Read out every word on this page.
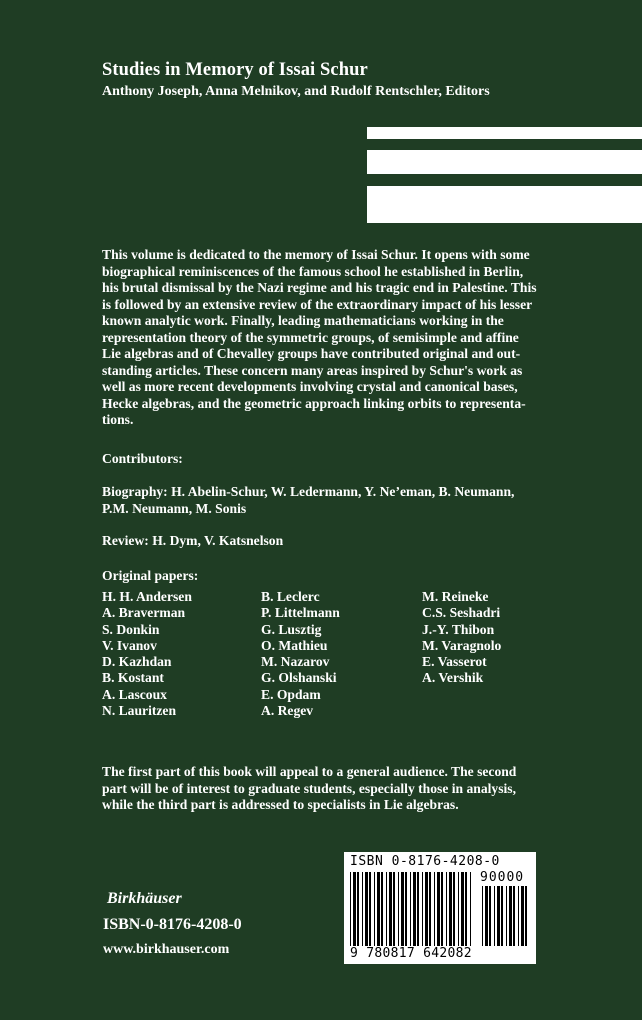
Studies in Memory of Issai Schur
Anthony Joseph, Anna Melnikov, and Rudolf Rentschler, Editors
This volume is dedicated to the memory of Issai Schur. It opens with some
biographical reminiscences of the famous school he established in Berlin,
his brutal dismissal by the Nazi regime and his tragic end in Palestine. This
is followed by an extensive review of the extraordinary impact of his lesser
known analytic work. Finally, leading mathematicians working in the
representation theory of the symmetric groups, of semisimple and affine
Lie algebras and of Chevalley groups have contributed original and out-
standing articles. These concern many areas inspired by Schur's work as
well as more recent developments involving crystal and canonical bases,
Hecke algebras, and the geometric approach linking orbits to representa-
tions.
Contributors:
Biography: H. Abelin-Schur, W. Ledermann, Y. Ne’eman, B. Neumann,
P.M. Neumann, M. Sonis
Review: H. Dym, V. Katsnelson
Original papers:
H. H. Andersen
A. Braverman
S. Donkin
V. Ivanov
D. Kazhdan
B. Kostant
A. Lascoux
N. Lauritzen
B. Leclerc
P. Littelmann
G. Lusztig
O. Mathieu
M. Nazarov
G. Olshanski
E. Opdam
A. Regev
M. Reineke
C.S. Seshadri
J.-Y. Thibon
M. Varagnolo
E. Vasserot
A. Vershik
The first part of this book will appeal to a general audience. The second
part will be of interest to graduate students, especially those in analysis,
while the third part is addressed to specialists in Lie algebras.
ISBN 0-8176-4208-0
90000
9 780817 642082
Birkhäuser
ISBN-0-8176-4208-0
www.birkhauser.com
